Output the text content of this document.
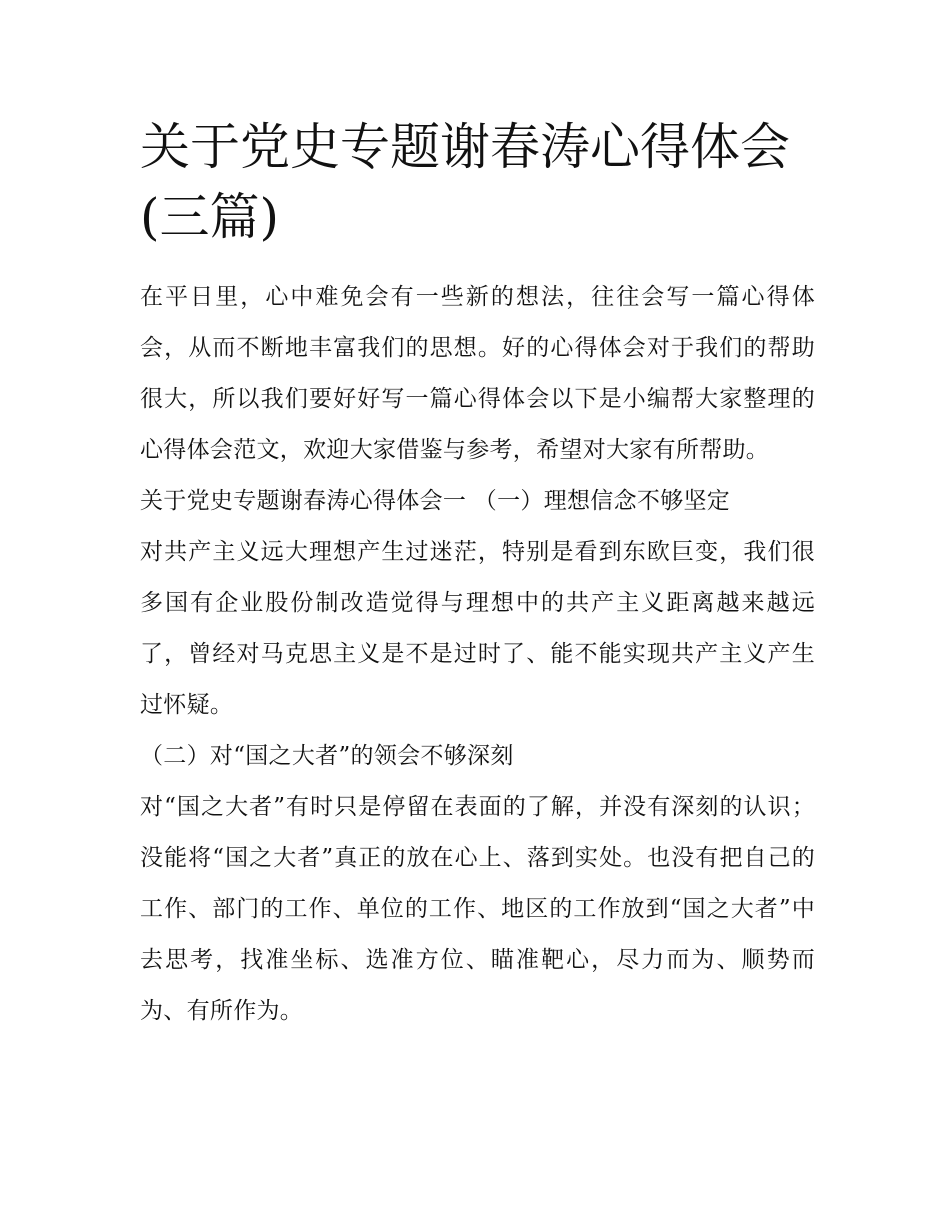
关于党史专题谢春涛心得体会(三篇)

在平日里，心中难免会有一些新的想法，往往会写一篇心得体会，从而不断地丰富我们的思想。好的心得体会对于我们的帮助很大，所以我们要好好写一篇心得体会以下是小编帮大家整理的心得体会范文，欢迎大家借鉴与参考，希望对大家有所帮助。

关于党史专题谢春涛心得体会一 （一）理想信念不够坚定

对共产主义远大理想产生过迷茫，特别是看到东欧巨变，我们很多国有企业股份制改造觉得与理想中的共产主义距离越来越远了，曾经对马克思主义是不是过时了、能不能实现共产主义产生过怀疑。

（二）对“国之大者”的领会不够深刻

对“国之大者”有时只是停留在表面的了解，并没有深刻的认识；没能将“国之大者”真正的放在心上、落到实处。也没有把自己的工作、部门的工作、单位的工作、地区的工作放到“国之大者”中去思考，找准坐标、选准方位、瞄准靶心，尽力而为、顺势而为、有所作为。
